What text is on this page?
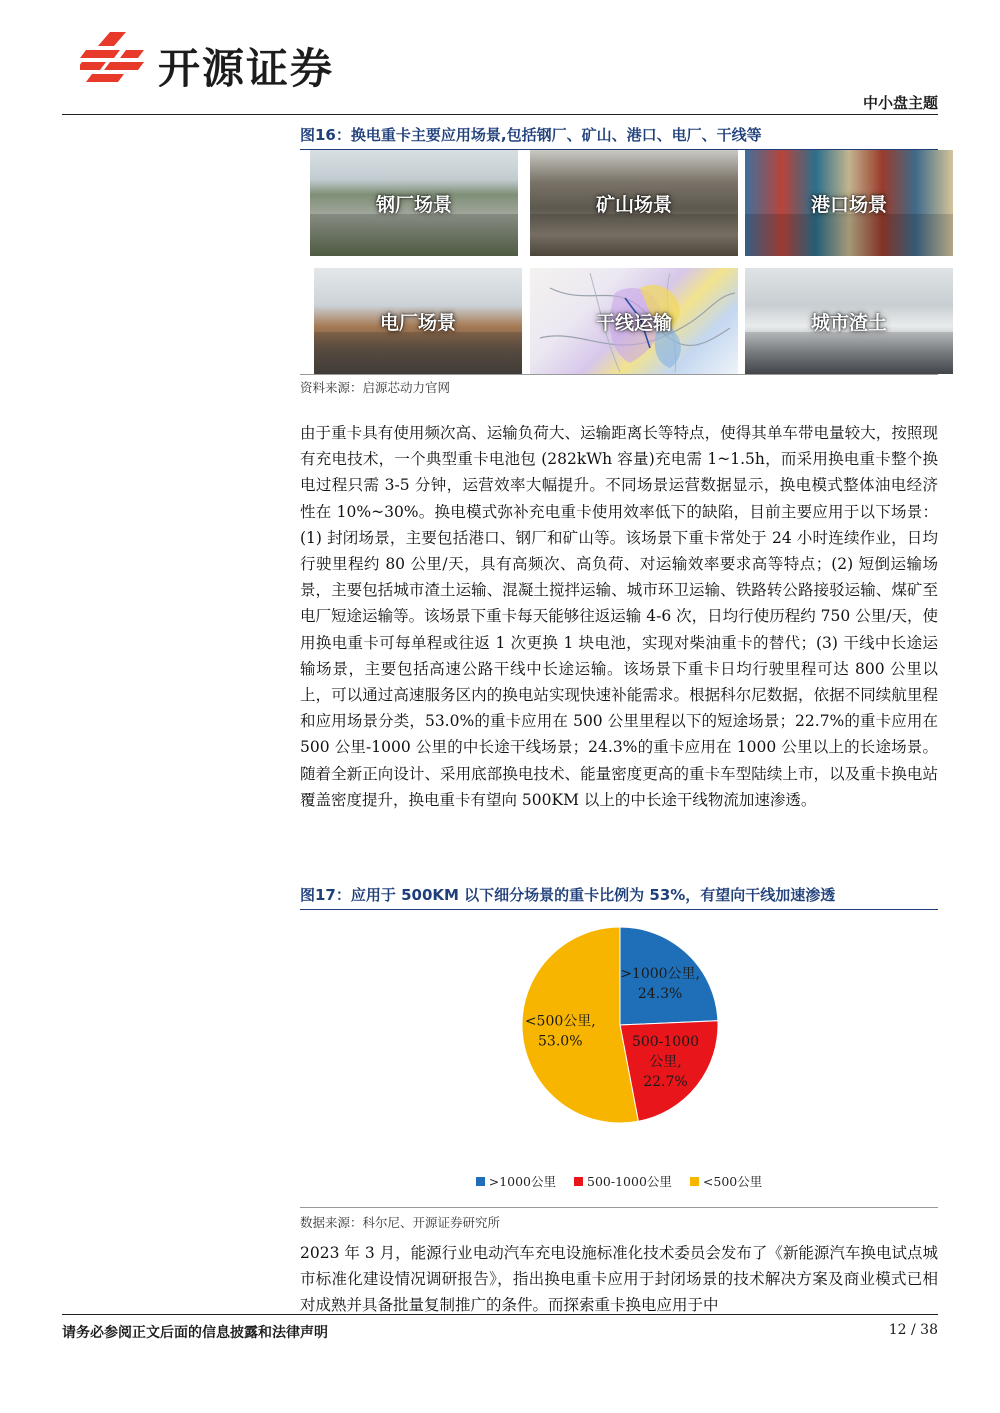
开源证券
中小盘主题
图16：换电重卡主要应用场景,包括钢厂、矿山、港口、电厂、干线等
钢厂场景	矿山场景	港口场景
电厂场景	干线运输	城市渣土
资料来源：启源芯动力官网
由于重卡具有使用频次高、运输负荷大、运输距离长等特点，使得其单车带电量较大，按照现有充电技术，一个典型重卡电池包 (282kWh 容量)充电需 1~1.5h，而采用换电重卡整个换电过程只需 3-5 分钟，运营效率大幅提升。不同场景运营数据显示，换电模式整体油电经济性在 10%~30%。换电模式弥补充电重卡使用效率低下的缺陷，目前主要应用于以下场景：(1) 封闭场景，主要包括港口、钢厂和矿山等。该场景下重卡常处于 24 小时连续作业，日均行驶里程约 80 公里/天，具有高频次、高负荷、对运输效率要求高等特点；(2) 短倒运输场景，主要包括城市渣土运输、混凝土搅拌运输、城市环卫运输、铁路转公路接驳运输、煤矿至电厂短途运输等。该场景下重卡每天能够往返运输 4-6 次，日均行使历程约 750 公里/天，使用换电重卡可每单程或往返 1 次更换 1 块电池，实现对柴油重卡的替代；(3) 干线中长途运输场景，主要包括高速公路干线中长途运输。该场景下重卡日均行驶里程可达 800 公里以上，可以通过高速服务区内的换电站实现快速补能需求。根据科尔尼数据，依据不同续航里程和应用场景分类，53.0%的重卡应用在 500 公里里程以下的短途场景；22.7%的重卡应用在 500 公里-1000 公里的中长途干线场景；24.3%的重卡应用在 1000 公里以上的长途场景。随着全新正向设计、采用底部换电技术、能量密度更高的重卡车型陆续上市，以及重卡换电站覆盖密度提升，换电重卡有望向 500KM 以上的中长途干线物流加速渗透。
图17：应用于 500KM 以下细分场景的重卡比例为 53%，有望向干线加速渗透
>1000公里,
24.3%
500-1000
公里,
22.7%
<500公里,
53.0%
>1000公里 500-1000公里 <500公里
数据来源：科尔尼、开源证券研究所
2023 年 3 月，能源行业电动汽车充电设施标准化技术委员会发布了《新能源汽车换电试点城市标准化建设情况调研报告》，指出换电重卡应用于封闭场景的技术解决方案及商业模式已相对成熟并具备批量复制推广的条件。而探索重卡换电应用于中
请务必参阅正文后面的信息披露和法律声明	12 / 38
